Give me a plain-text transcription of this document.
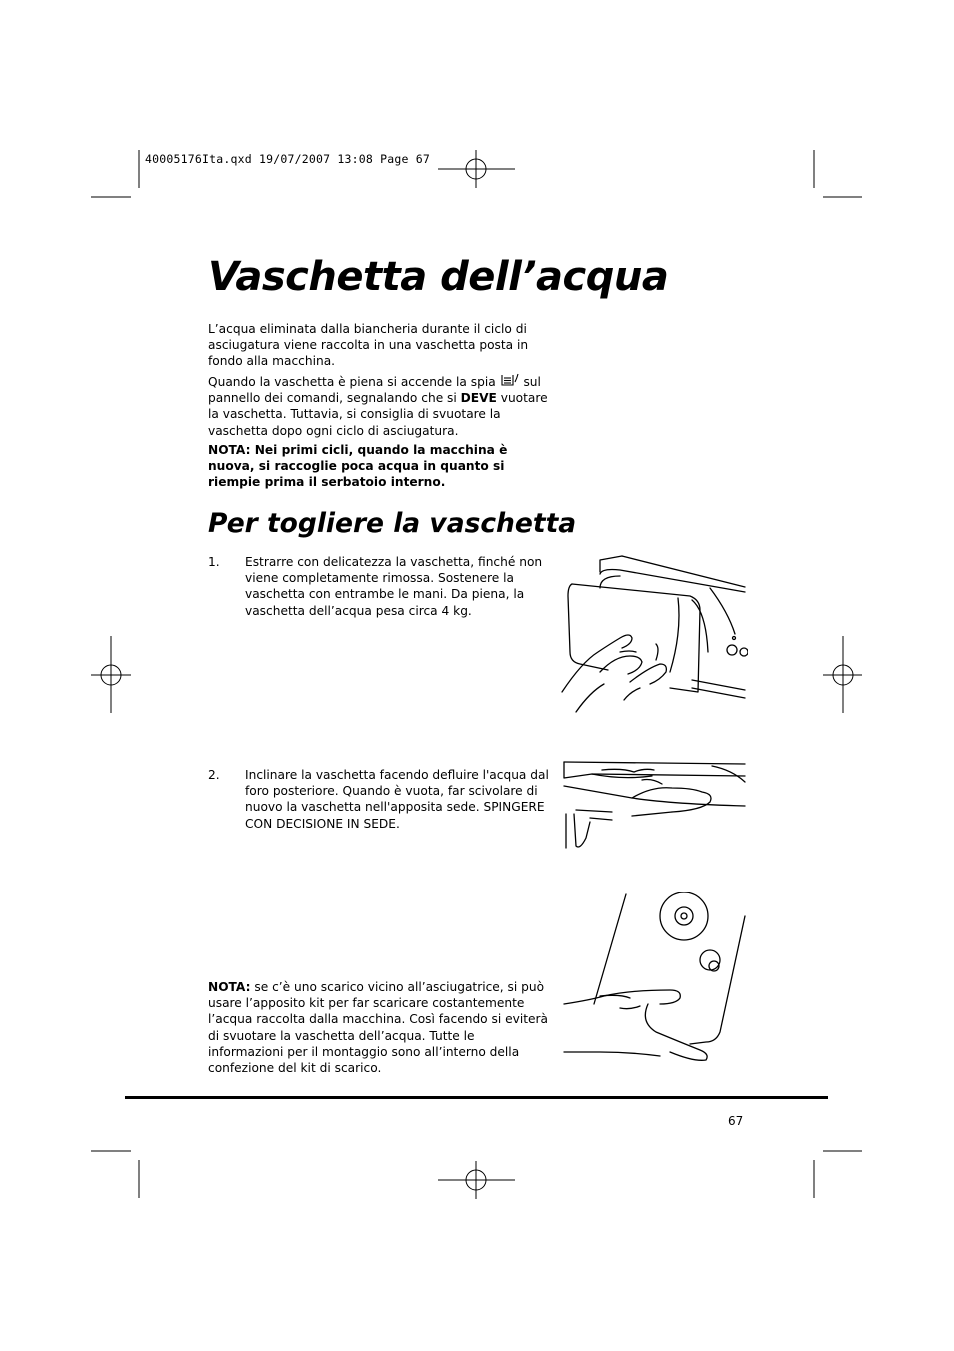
40005176Ita.qxd 19/07/2007 13:08 Page 67
Vaschetta dell’acqua
L’acqua eliminata dalla biancheria durante il ciclo di asciugatura viene raccolta in una vaschetta posta in fondo alla macchina.
Quando la vaschetta è piena si accende la spia sul pannello dei comandi, segnalando che si DEVE vuotare la vaschetta. Tuttavia, si consiglia di svuotare la vaschetta dopo ogni ciclo di asciugatura.
NOTA: Nei primi cicli, quando la macchina è nuova, si raccoglie poca acqua in quanto si riempie prima il serbatoio interno.
Per togliere la vaschetta
1. Estrarre con delicatezza la vaschetta, finché non viene completamente rimossa. Sostenere la vaschetta con entrambe le mani. Da piena, la vaschetta dell’acqua pesa circa 4 kg.
2. Inclinare la vaschetta facendo defluire l'acqua dal foro posteriore. Quando è vuota, far scivolare di nuovo la vaschetta nell'apposita sede. SPINGERE CON DECISIONE IN SEDE.
NOTA: se c’è uno scarico vicino all’asciugatrice, si può usare l’apposito kit per far scaricare costantemente l’acqua raccolta dalla macchina. Così facendo si eviterà di svuotare la vaschetta dell’acqua. Tutte le informazioni per il montaggio sono all’interno della confezione del kit di scarico.
67
